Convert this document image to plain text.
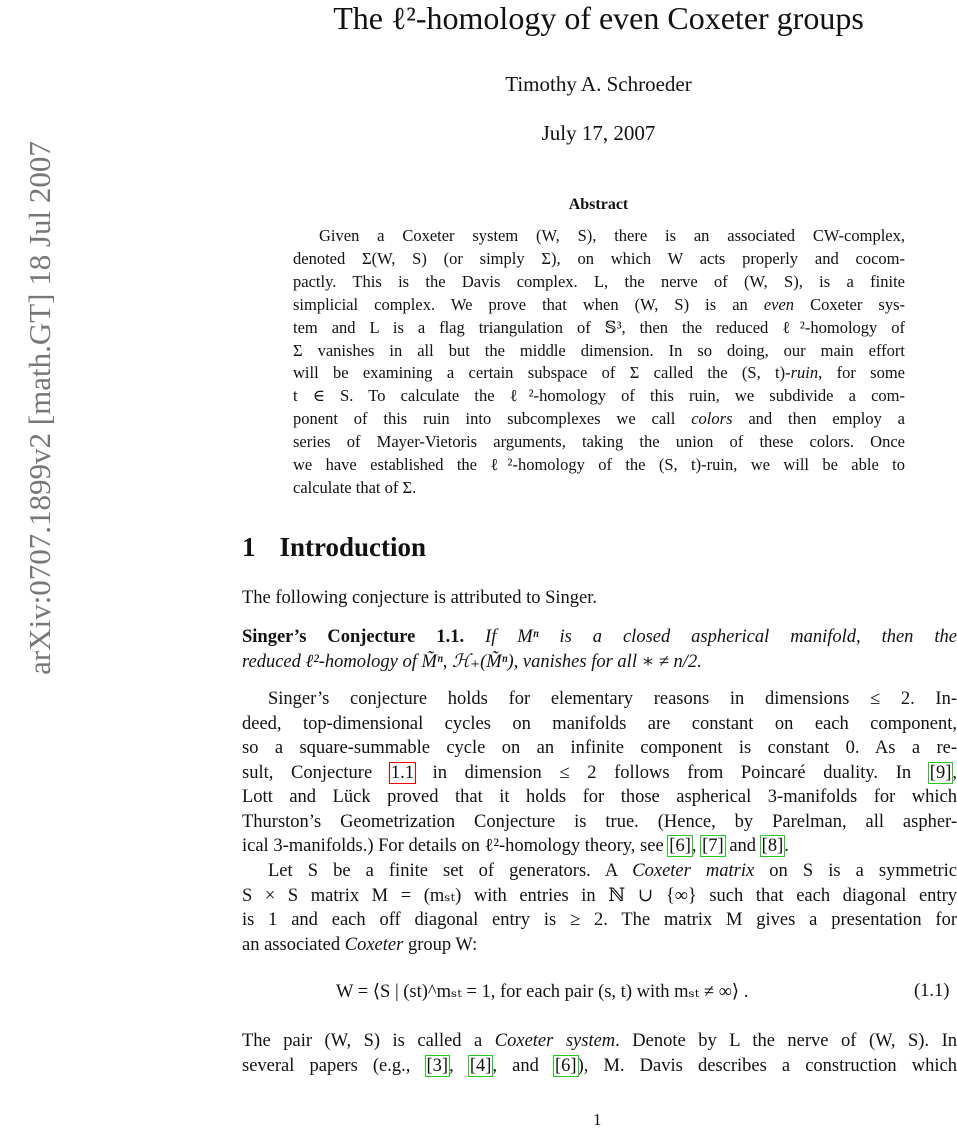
arXiv:0707.1899v2 [math.GT] 18 Jul 2007
The ℓ²-homology of even Coxeter groups
Timothy A. Schroeder
July 17, 2007
Abstract
Given a Coxeter system (W, S), there is an associated CW-complex,
denoted Σ(W, S) (or simply Σ), on which W acts properly and cocom-
pactly. This is the Davis complex. L, the nerve of (W, S), is a finite
simplicial complex. We prove that when (W, S) is an even Coxeter sys-
tem and L is a flag triangulation of 𝕊³, then the reduced ℓ²-homology of
Σ vanishes in all but the middle dimension. In so doing, our main effort
will be examining a certain subspace of Σ called the (S, t)-ruin, for some
t ∈ S. To calculate the ℓ²-homology of this ruin, we subdivide a com-
ponent of this ruin into subcomplexes we call colors and then employ a
series of Mayer-Vietoris arguments, taking the union of these colors. Once
we have established the ℓ²-homology of the (S, t)-ruin, we will be able to
calculate that of Σ.
1 Introduction
The following conjecture is attributed to Singer.
Singer’s Conjecture 1.1. If Mⁿ is a closed aspherical manifold, then the
reduced ℓ²-homology of M̃ⁿ, ℋ₊(M̃ⁿ), vanishes for all ∗ ≠ n/2.
Singer’s conjecture holds for elementary reasons in dimensions ≤ 2. In-
deed, top-dimensional cycles on manifolds are constant on each component,
so a square-summable cycle on an infinite component is constant 0. As a re-
sult, Conjecture 1.1 in dimension ≤ 2 follows from Poincaré duality. In [9],
Lott and Lück proved that it holds for those aspherical 3-manifolds for which
Thurston’s Geometrization Conjecture is true. (Hence, by Parelman, all aspher-
ical 3-manifolds.) For details on ℓ²-homology theory, see [6], [7] and [8].
Let S be a finite set of generators. A Coxeter matrix on S is a symmetric
S × S matrix M = (mₛₜ) with entries in ℕ ∪ {∞} such that each diagonal entry
is 1 and each off diagonal entry is ≥ 2. The matrix M gives a presentation for
an associated Coxeter group W:
W = ⟨S | (st)^mₛₜ = 1, for each pair (s, t) with mₛₜ ≠ ∞⟩ .	(1.1)
The pair (W, S) is called a Coxeter system. Denote by L the nerve of (W, S). In
several papers (e.g., [3], [4], and [6]), M. Davis describes a construction which
1
